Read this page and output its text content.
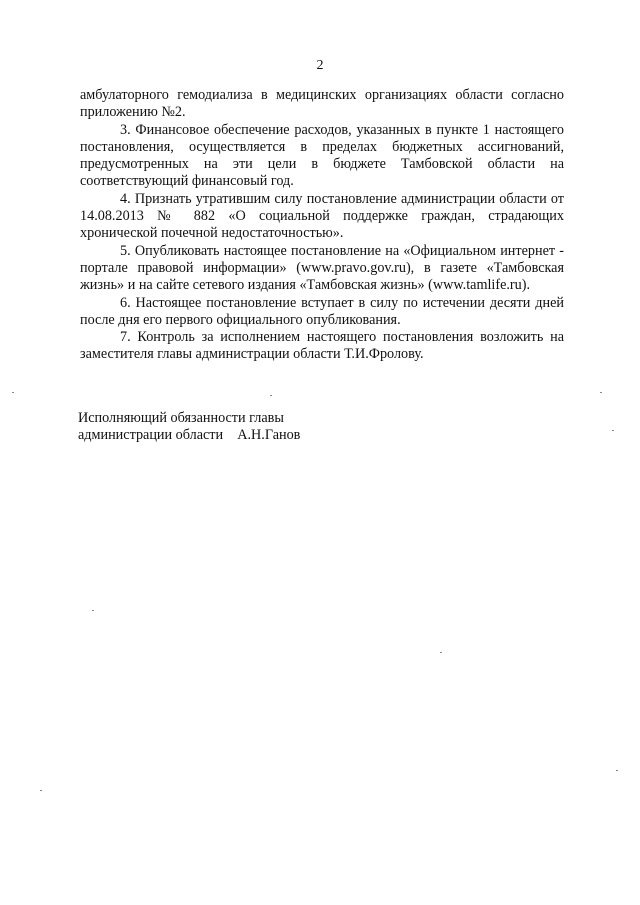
2

амбулаторного гемодиализа в медицинских организациях области согласно приложению №2.

3. Финансовое обеспечение расходов, указанных в пункте 1 настоящего постановления, осуществляется в пределах бюджетных ассигнований, предусмотренных на эти цели в бюджете Тамбовской области на соответствующий финансовый год.

4. Признать утратившим силу постановление администрации области от 14.08.2013 № 882 «О социальной поддержке граждан, страдающих хронической почечной недостаточностью».

5. Опубликовать настоящее постановление на «Официальном интернет - портале правовой информации» (www.pravo.gov.ru), в газете «Тамбовская жизнь» и на сайте сетевого издания «Тамбовская жизнь» (www.tamlife.ru).

6. Настоящее постановление вступает в силу по истечении десяти дней после дня его первого официального опубликования.

7. Контроль за исполнением настоящего постановления возложить на заместителя главы администрации области Т.И.Фролову.

Исполняющий обязанности главы
администрации области    А.Н.Ганов
